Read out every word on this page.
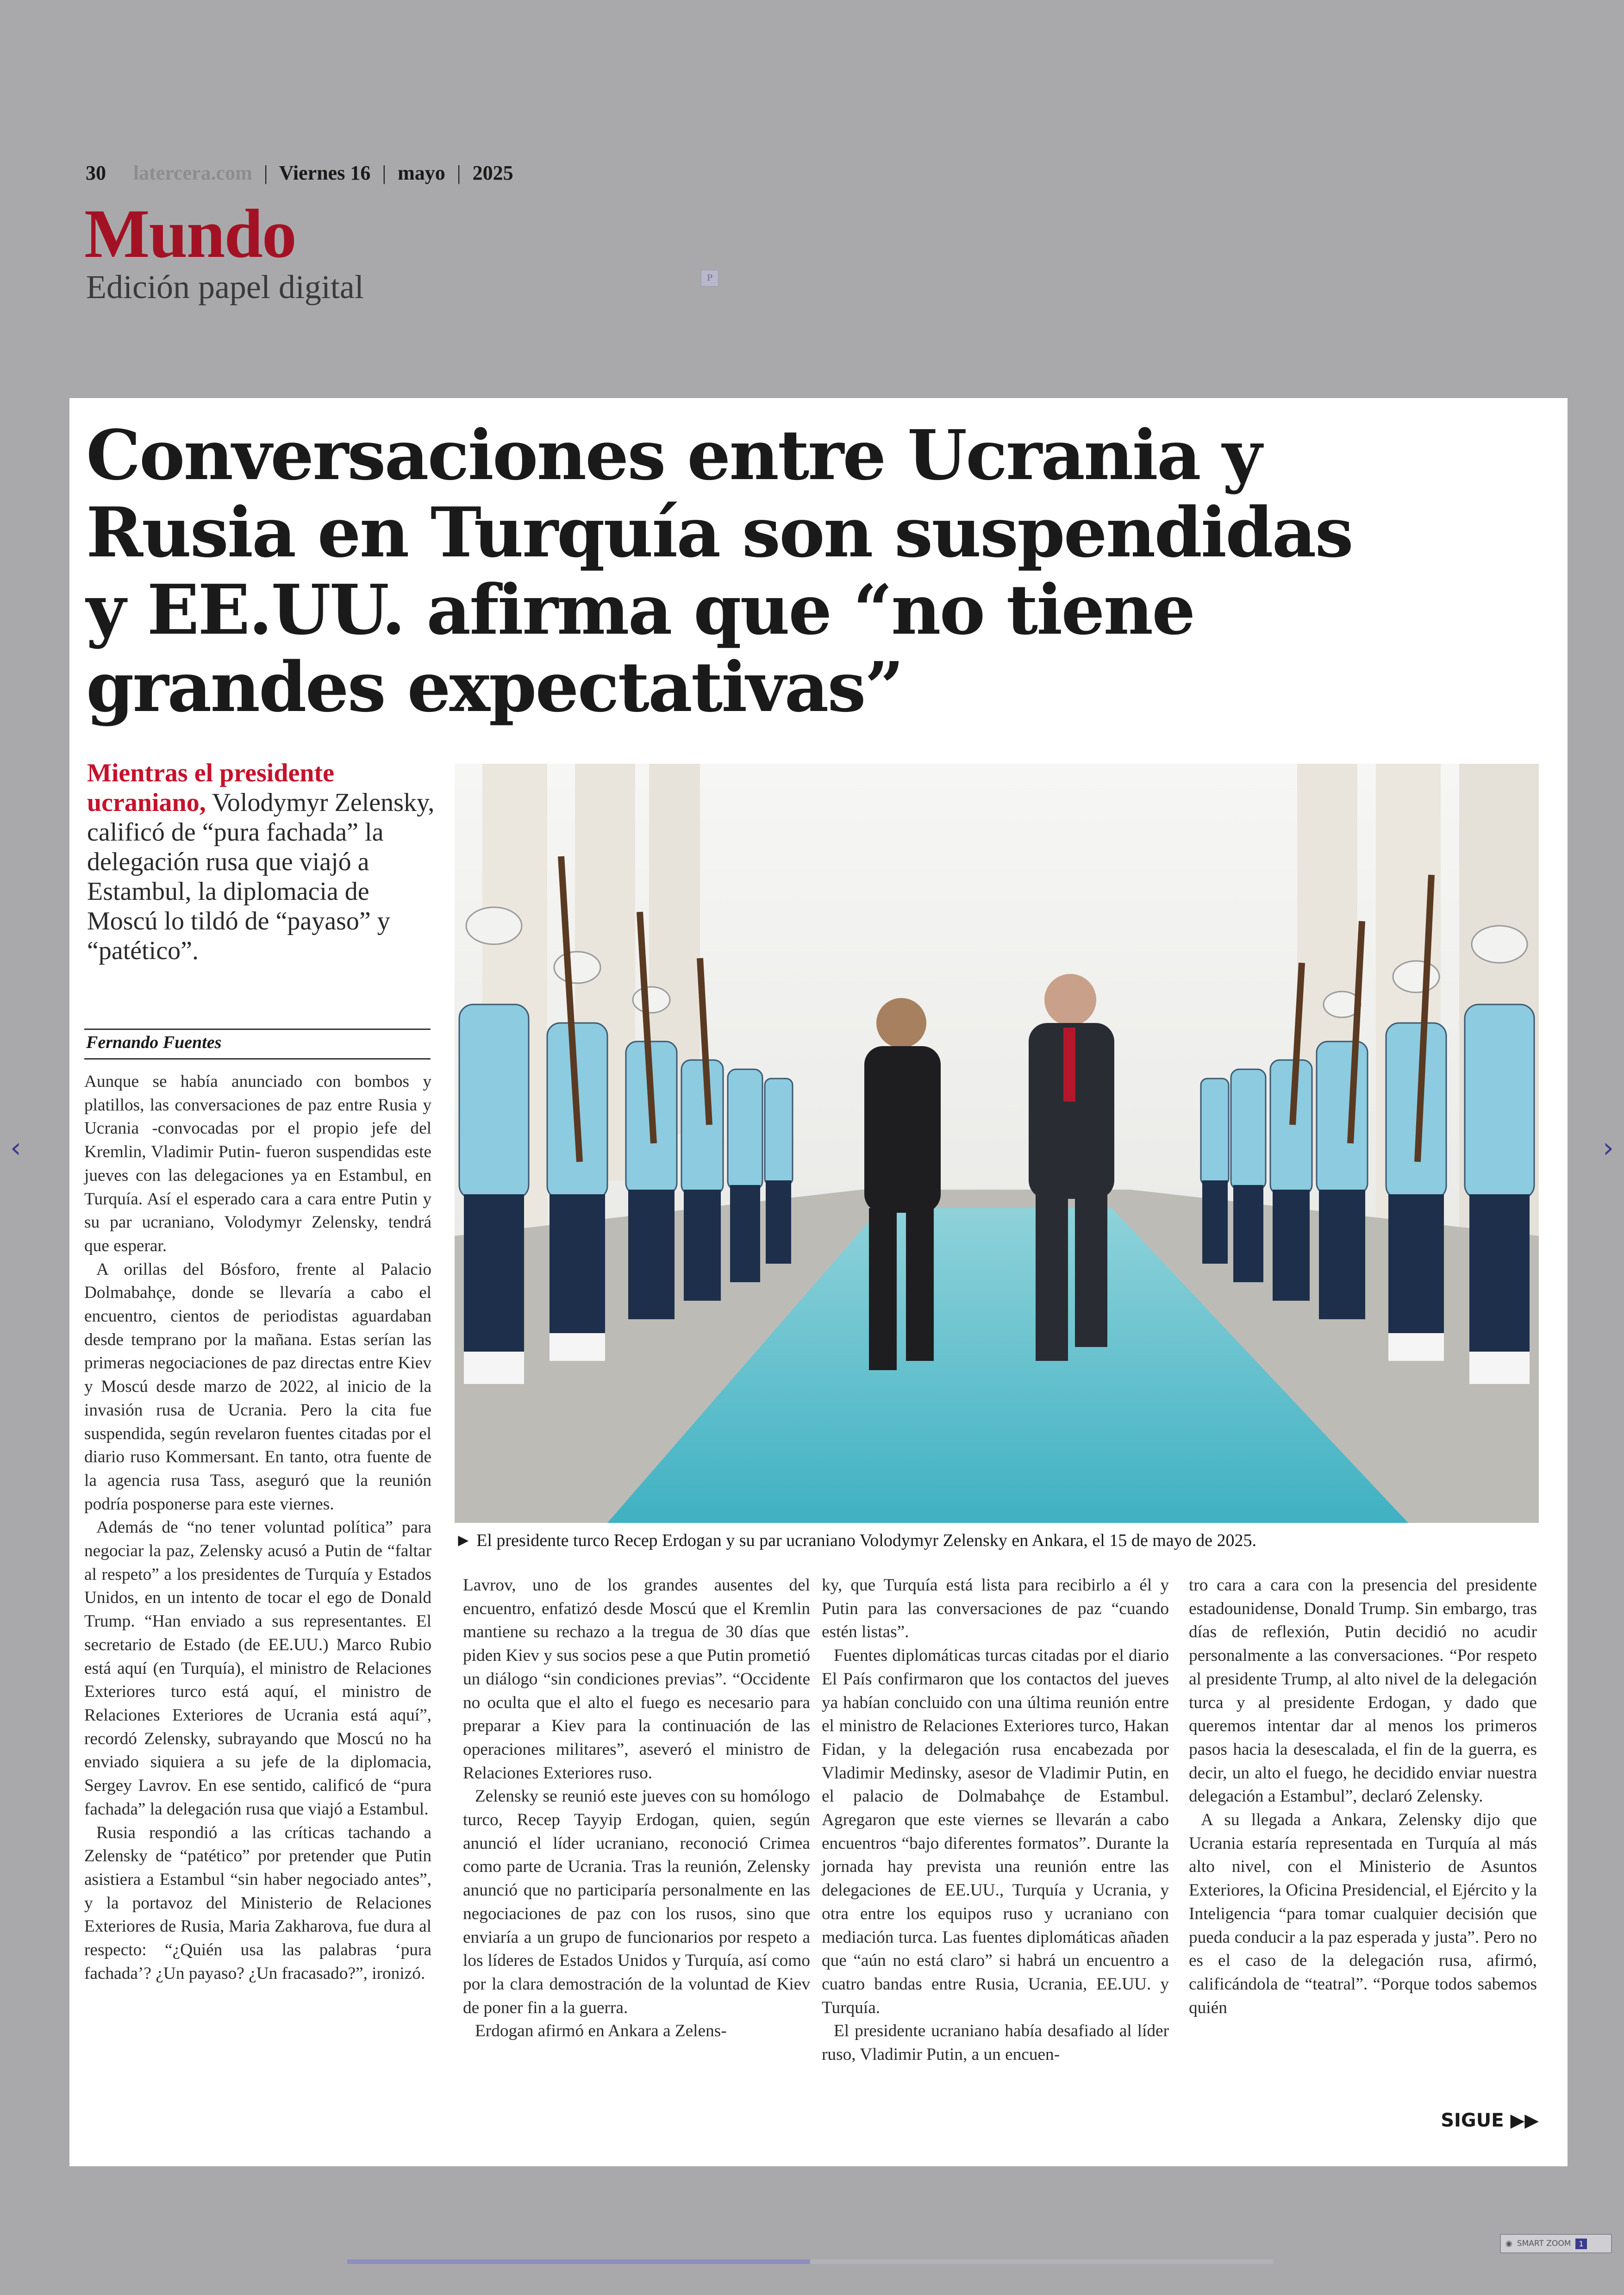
30 latercera.com | Viernes 16 | mayo | 2025
Mundo
Edición papel digital	P
‹	›
Conversaciones entre Ucrania y Rusia en Turquía son suspendidas y EE.UU. afirma que “no tiene grandes expectativas”
Mientras el presidente ucraniano, Volodymyr Zelensky, calificó de “pura fachada” la delegación rusa que viajó a Estambul, la diplomacia de Moscú lo tildó de “payaso” y “patético”.
Fernando Fuentes

Aunque se había anunciado con bombos y platillos, las conversaciones de paz entre Rusia y Ucrania -convocadas por el propio jefe del Kremlin, Vladimir Putin- fueron suspendidas este jueves con las delegaciones ya en Estambul, en Turquía. Así el esperado cara a cara entre Putin y su par ucraniano, Volodymyr Zelensky, tendrá que esperar.

A orillas del Bósforo, frente al Palacio Dolmabahçe, donde se llevaría a cabo el encuentro, cientos de periodistas aguardaban desde temprano por la mañana. Estas serían las primeras negociaciones de paz directas entre Kiev y Moscú desde marzo de 2022, al inicio de la invasión rusa de Ucrania. Pero la cita fue suspendida, según revelaron fuentes citadas por el diario ruso Kommersant. En tanto, otra fuente de la agencia rusa Tass, aseguró que la reunión podría posponerse para este viernes.

Además de “no tener voluntad política” para negociar la paz, Zelensky acusó a Putin de “faltar al respeto” a los presidentes de Turquía y Estados Unidos, en un intento de tocar el ego de Donald Trump. “Han enviado a sus representantes. El secretario de Estado (de EE.UU.) Marco Rubio está aquí (en Turquía), el ministro de Relaciones Exteriores turco está aquí, el ministro de Relaciones Exteriores de Ucrania está aquí”, recordó Zelensky, subrayando que Moscú no ha enviado siquiera a su jefe de la diplomacia, Sergey Lavrov. En ese sentido, calificó de “pura fachada” la delegación rusa que viajó a Estambul.

Rusia respondió a las críticas tachando a Zelensky de “patético” por pretender que Putin asistiera a Estambul “sin haber negociado antes”, y la portavoz del Ministerio de Relaciones Exteriores de Rusia, Maria Zakharova, fue dura al respecto: “¿Quién usa las palabras ‘pura fachada’? ¿Un payaso? ¿Un fracasado?”, ironizó.

► El presidente turco Recep Erdogan y su par ucraniano Volodymyr Zelensky en Ankara, el 15 de mayo de 2025.

Lavrov, uno de los grandes ausentes del encuentro, enfatizó desde Moscú que el Kremlin mantiene su rechazo a la tregua de 30 días que piden Kiev y sus socios pese a que Putin prometió un diálogo “sin condiciones previas”. “Occidente no oculta que el alto el fuego es necesario para preparar a Kiev para la continuación de las operaciones militares”, aseveró el ministro de Relaciones Exteriores ruso.

Zelensky se reunió este jueves con su homólogo turco, Recep Tayyip Erdogan, quien, según anunció el líder ucraniano, reconoció Crimea como parte de Ucrania. Tras la reunión, Zelensky anunció que no participaría personalmente en las negociaciones de paz con los rusos, sino que enviaría a un grupo de funcionarios por respeto a los líderes de Estados Unidos y Turquía, así como por la clara demostración de la voluntad de Kiev de poner fin a la guerra.

Erdogan afirmó en Ankara a Zelens-

ky, que Turquía está lista para recibirlo a él y Putin para las conversaciones de paz “cuando estén listas”.

Fuentes diplomáticas turcas citadas por el diario El País confirmaron que los contactos del jueves ya habían concluido con una última reunión entre el ministro de Relaciones Exteriores turco, Hakan Fidan, y la delegación rusa encabezada por Vladimir Medinsky, asesor de Vladimir Putin, en el palacio de Dolmabahçe de Estambul. Agregaron que este viernes se llevarán a cabo encuentros “bajo diferentes formatos”. Durante la jornada hay prevista una reunión entre las delegaciones de EE.UU., Turquía y Ucrania, y otra entre los equipos ruso y ucraniano con mediación turca. Las fuentes diplomáticas añaden que “aún no está claro” si habrá un encuentro a cuatro bandas entre Rusia, Ucrania, EE.UU. y Turquía.

El presidente ucraniano había desafiado al líder ruso, Vladimir Putin, a un encuen-

tro cara a cara con la presencia del presidente estadounidense, Donald Trump. Sin embargo, tras días de reflexión, Putin decidió no acudir personalmente a las conversaciones. “Por respeto al presidente Trump, al alto nivel de la delegación turca y al presidente Erdogan, y dado que queremos intentar dar al menos los primeros pasos hacia la desescalada, el fin de la guerra, es decir, un alto el fuego, he decidido enviar nuestra delegación a Estambul”, declaró Zelensky.

A su llegada a Ankara, Zelensky dijo que Ucrania estaría representada en Turquía al más alto nivel, con el Ministerio de Asuntos Exteriores, la Oficina Presidencial, el Ejército y la Inteligencia “para tomar cualquier decisión que pueda conducir a la paz esperada y justa”. Pero no es el caso de la delegación rusa, afirmó, calificándola de “teatral”. “Porque todos sabemos quién

SIGUE ▶▶
◉ SMART ZOOM	1
